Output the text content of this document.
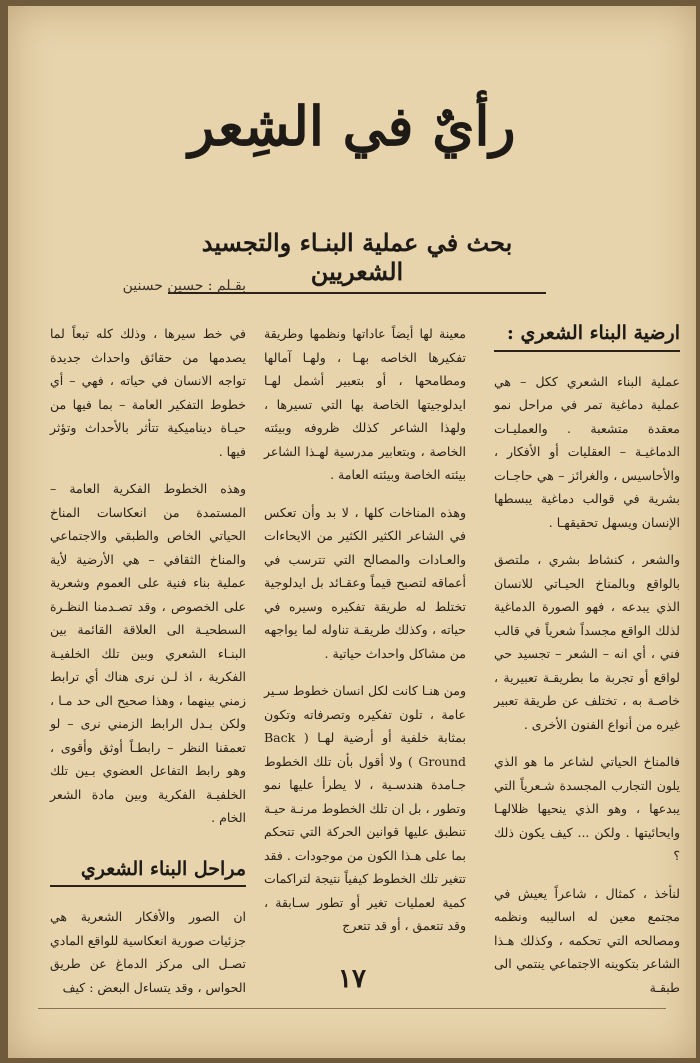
رأيٌ في الشِعر
بحث في عملية البنـاء والتجسيد الشعريين
بقـلم : حسين حسنين
ارضية البناء الشعري :

عملية البناء الشعري ككل – هي عملية دماغية تمر في مراحل نمو معقدة متشعبة . والعمليـات الدماغيـة – العقليات أو الأفكار ، والأحاسيس ، والغرائز – هي حاجـات بشرية في قوالب دماغية يبسطها الإنسان ويسهل تحقيقهـا .

والشعر ، كنشاط بشري ، ملتصق بالواقع وبالمناخ الحيـاتي للانسان الذي يبدعه ، فهو الصورة الدماغية لذلك الواقع مجسداً شعرياً في قالب فني ، أي انه – الشعر – تجسيد حي لواقع أو تجربة ما بطريقـة تعبيرية ، خاصـة به ، تختلف عن طريقة تعبير غيره من أنواع الفنون الأخرى .

فالمناخ الحياتي لشاعر ما هو الذي يلون التجارب المجسدة شـعرياً التي يبدعها ، وهو الذي ينحيها ظلالهـا وايحائيتها . ولكن ... كيف يكون ذلك ؟

لنأخذ ، كمثال ، شاعراً يعيش في مجتمع معين له اساليبه ونظمه ومصالحه التي تحكمه ، وكذلك هـذا الشاعر بتكوينه الاجتماعي ينتمي الى طبقـة

معينة لها أيضاً عاداتها ونظمها وطريقة تفكيرها الخاصه بهـا ، ولهـا آمالها ومطامحها ، أو بتعبير أشمل لهـا ايدلوجيتها الخاصة بها التي تسيرها ، ولهذا الشاعر كذلك ظروفه وبيئته الخاصة ، وبتعابير مدرسية لهـذا الشاعر بيئته الخاصة وبيئته العامة .

وهذه المناخات كلها ، لا بد وأن تعكس في الشاعر الكثير الكثير من الايحاءات والعـادات والمصالح التي تترسب في أعماقه لتصبح قيماً وعقـائد بل ايدلوجية تختلط له طريقة تفكيره وسيره في حياته ، وكذلك طريقـة تناوله لما يواجهه من مشاكل واحداث حياتية .

ومن هنـا كانت لكل انسان خطوط سـير عامة ، تلون تفكيره وتصرفاته وتكون بمثابة خلفية أو أرضية لهـا ( Back Ground ) ولا أقول بأن تلك الخطوط جـامدة هندسـية ، لا يطرأ عليها نمو وتطور ، بل ان تلك الخطوط مرنـة حيـة تنطبق عليها قوانين الحركة التي تتحكم بما على هـذا الكون من موجودات . فقد تتغير تلك الخطوط كيفياً نتيجة لتراكمات كمية لعمليات تغير أو تطور سـابقة ، وقد تتعمق ، أو قد تتعرج

في خط سيرها ، وذلك كله تبعاً لما يصدمها من حقائق واحداث جديدة تواجه الانسان في حياته ، فهي – أي خطوط التفكير العامة – بما فيها من حيـاة ديناميكية تتأثر بالأحداث وتؤثر فيها .

وهذه الخطوط الفكرية العامة – المستمدة من انعكاسات المناخ الحياتي الخاص والطبقي والاجتماعي والمناخ الثقافي – هي الأرضية لأية عملية بناء فنية على العموم وشعرية على الخصوص ، وقد تصـدمنا النظـرة السطحيـة الى العلاقة القائمة بين البنـاء الشعري وبين تلك الخلفيـة الفكرية ، اذ لـن نرى هناك أي ترابط زمني بينهما ، وهذا صحيح الى حد مـا ، ولكن بـدل الرابط الزمني نرى – لو تعمقنا النظر – رابطـاً أوثق وأقوى ، وهو رابط التفاعل العضوي بـين تلك الخلفيـة الفكرية وبين مادة الشعر الخام .

مراحل البناء الشعري

ان الصور والأفكار الشعرية هي جزئيات صورية انعكاسية للواقع المادي تصـل الى مركز الدماغ عن طريق الحواس ، وقد يتساءل البعض : كيف	١٧
